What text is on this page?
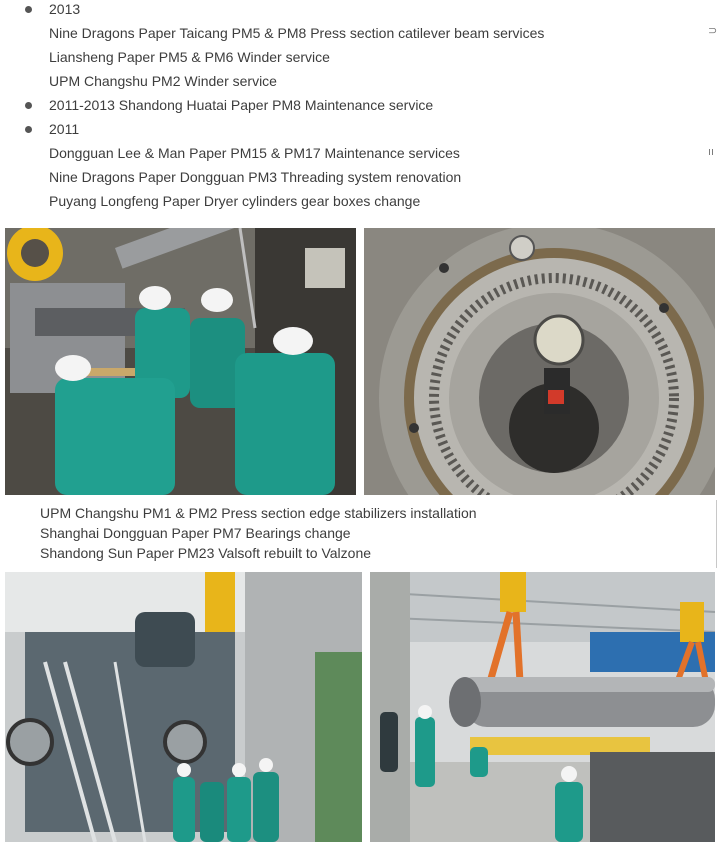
2013
Nine Dragons Paper Taicang PM5 & PM8 Press section catilever beam services
Liansheng Paper PM5 & PM6 Winder service
UPM Changshu PM2 Winder service
2011-2013 Shandong Huatai Paper PM8 Maintenance service
2011
Dongguan Lee & Man Paper PM15 & PM17 Maintenance services
Nine Dragons Paper Dongguan PM3 Threading system renovation
Puyang Longfeng Paper Dryer cylinders gear boxes change
⊃
ıı
UPM Changshu PM1 & PM2 Press section edge stabilizers installation
Shanghai Dongguan Paper PM7 Bearings change
Shandong Sun Paper PM23 Valsoft rebuilt to Valzone
